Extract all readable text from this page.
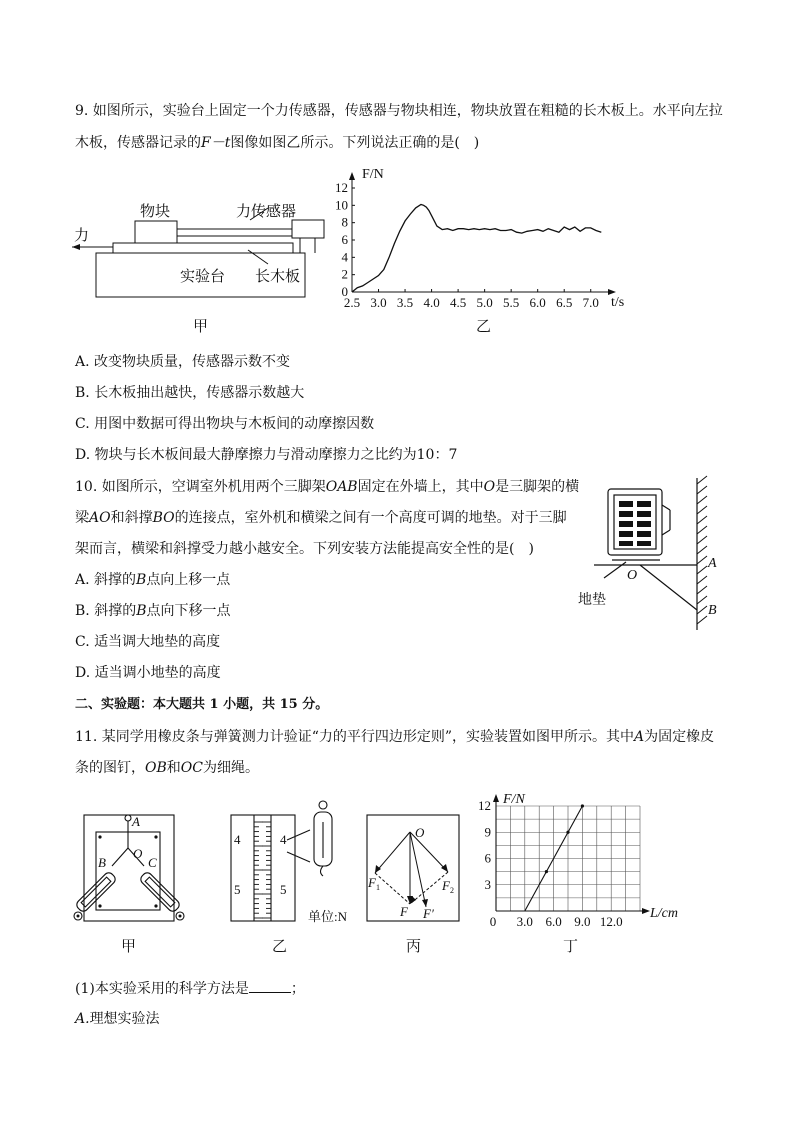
9. 如图所示，实验台上固定一个力传感器，传感器与物块相连，物块放置在粗糙的长木板上。水平向左拉
木板，传感器记录的F－t图像如图乙所示。下列说法正确的是(　)
物块	力传感器
力
实验台 长木板
甲
2.5 3.0 3.5 4.0 4.5 5.0 5.5 6.0 6.5 7.0
0
2
4
6
8
10
12
F/N
t/s
乙
A. 改变物块质量，传感器示数不变
B. 长木板抽出越快，传感器示数越大
C. 用图中数据可得出物块与木板间的动摩擦因数
D. 物块与长木板间最大静摩擦力与滑动摩擦力之比约为10：7
10. 如图所示，空调室外机用两个三脚架OAB固定在外墙上，其中O是三脚架的横
梁AO和斜撑BO的连接点，室外机和横梁之间有一个高度可调的地垫。对于三脚
架而言，横梁和斜撑受力越小越安全。下列安装方法能提高安全性的是(　)
A. 斜撑的B点向上移一点
B. 斜撑的B点向下移一点
C. 适当调大地垫的高度
D. 适当调小地垫的高度
A
O
B
地垫
二、实验题：本大题共 1 小题，共 15 分。
11. 某同学用橡皮条与弹簧测力计验证“力的平行四边形定则”，实验装置如图甲所示。其中A为固定橡皮
条的图钉，OB和OC为细绳。
A
O
B	C
甲
4
5
4
5
单位:N
乙
O
$F_1$	$F_2$
F F′
丙
0 3.0 6.0 9.0 12.0
3
6
9
12 F/N
L/cm
丁
(1)本实验采用的科学方法是	；
A.理想实验法
